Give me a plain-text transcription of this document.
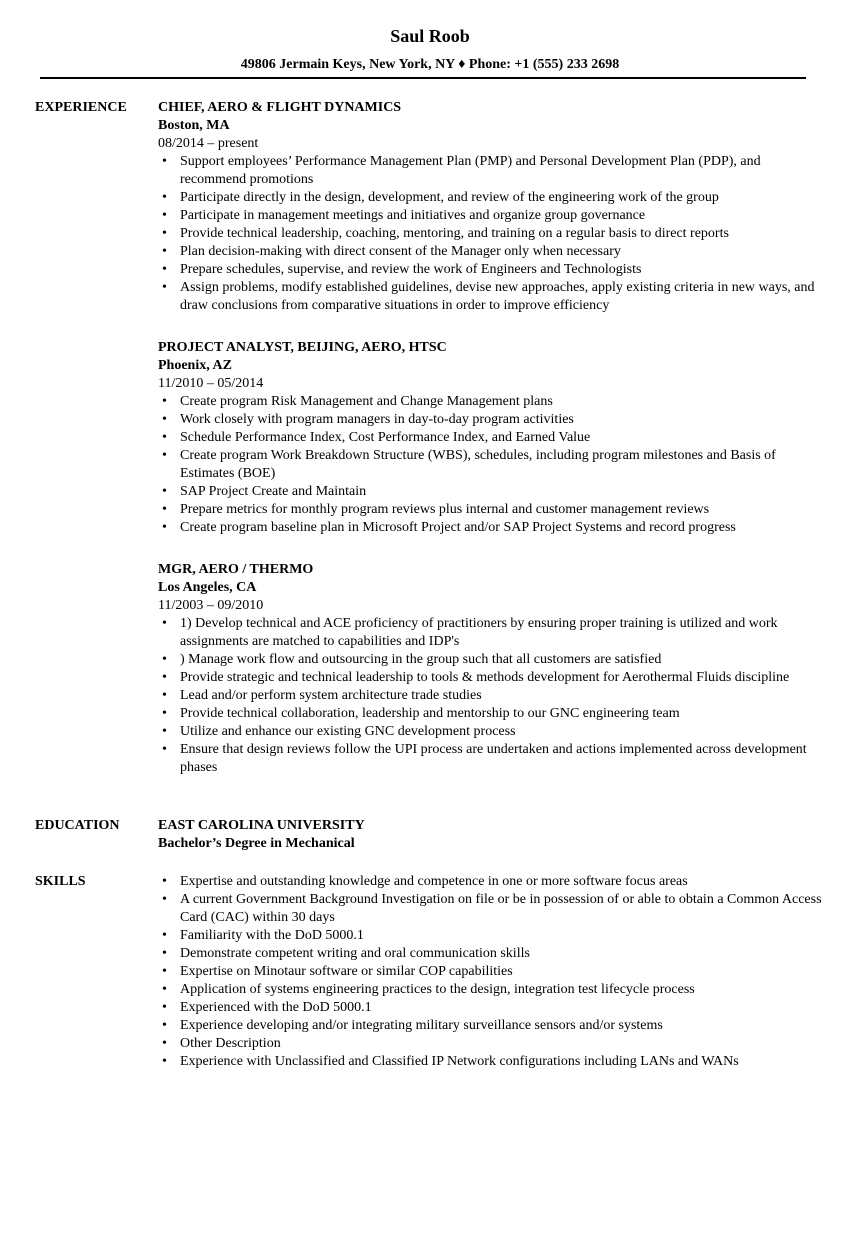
Saul Roob
49806 Jermain Keys, New York, NY ♦ Phone: +1 (555) 233 2698
EXPERIENCE CHIEF, AERO & FLIGHT DYNAMICS
Boston, MA
08/2014 – present
• Support employees’ Performance Management Plan (PMP) and Personal Development Plan (PDP), and recommend promotions
• Participate directly in the design, development, and review of the engineering work of the group
• Participate in management meetings and initiatives and organize group governance
• Provide technical leadership, coaching, mentoring, and training on a regular basis to direct reports
• Plan decision-making with direct consent of the Manager only when necessary
• Prepare schedules, supervise, and review the work of Engineers and Technologists
• Assign problems, modify established guidelines, devise new approaches, apply existing criteria in new ways, and draw conclusions from comparative situations in order to improve efficiency
PROJECT ANALYST, BEIJING, AERO, HTSC
Phoenix, AZ
11/2010 – 05/2014
• Create program Risk Management and Change Management plans
• Work closely with program managers in day-to-day program activities
• Schedule Performance Index, Cost Performance Index, and Earned Value
• Create program Work Breakdown Structure (WBS), schedules, including program milestones and Basis of Estimates (BOE)
• SAP Project Create and Maintain
• Prepare metrics for monthly program reviews plus internal and customer management reviews
• Create program baseline plan in Microsoft Project and/or SAP Project Systems and record progress
MGR, AERO / THERMO
Los Angeles, CA
11/2003 – 09/2010
• 1) Develop technical and ACE proficiency of practitioners by ensuring proper training is utilized and work assignments are matched to capabilities and IDP's
• ) Manage work flow and outsourcing in the group such that all customers are satisfied
• Provide strategic and technical leadership to tools & methods development for Aerothermal Fluids discipline
• Lead and/or perform system architecture trade studies
• Provide technical collaboration, leadership and mentorship to our GNC engineering team
• Utilize and enhance our existing GNC development process
• Ensure that design reviews follow the UPI process are undertaken and actions implemented across development phases
EDUCATION	EAST CAROLINA UNIVERSITY
Bachelor’s Degree in Mechanical
SKILLS
•	Expertise and outstanding knowledge and competence in one or more software focus areas
• A current Government Background Investigation on file or be in possession of or able to obtain a Common Access Card (CAC) within 30 days
• Familiarity with the DoD 5000.1
• Demonstrate competent writing and oral communication skills
• Expertise on Minotaur software or similar COP capabilities
• Application of systems engineering practices to the design, integration test lifecycle process
• Experienced with the DoD 5000.1
• Experience developing and/or integrating military surveillance sensors and/or systems
• Other Description
• Experience with Unclassified and Classified IP Network configurations including LANs and WANs
